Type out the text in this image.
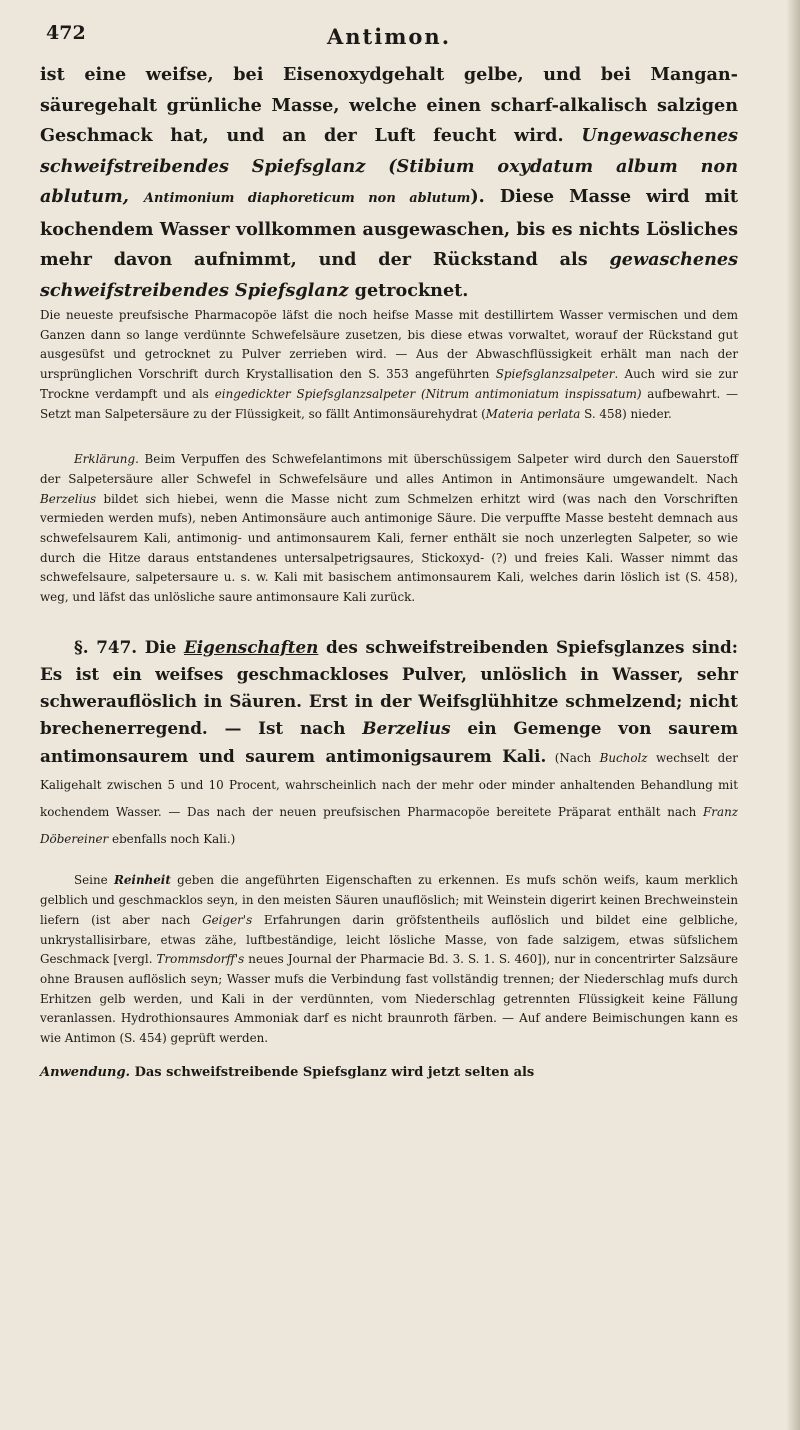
472	Antimon.

ist eine weifse, bei Eisenoxydgehalt gelbe, und bei Mangan-säuregehalt grünliche Masse, welche einen scharf-alkalisch salzigen Geschmack hat, und an der Luft feucht wird. Ungewaschenes schweifstreibendes Spiefsglanz (Stibium oxydatum album non ablutum, Antimonium diaphoreticum non ablutum). Diese Masse wird mit kochendem Wasser vollkommen ausgewaschen, bis es nichts Lösliches mehr davon aufnimmt, und der Rückstand als gewaschenes schweifstreibendes Spiefsglanz getrocknet.

Die neueste preufsische Pharmacopöe läfst die noch heifse Masse mit destillirtem Wasser vermischen und dem Ganzen dann so lange verdünnte Schwefelsäure zusetzen, bis diese etwas vorwaltet, worauf der Rückstand gut ausgesüfst und getrocknet zu Pulver zerrieben wird. — Aus der Abwaschflüssigkeit erhält man nach der ursprünglichen Vorschrift durch Krystallisation den S. 353 angeführten Spiefsglanzsalpeter. Auch wird sie zur Trockne verdampft und als eingedickter Spiefsglanzsalpeter (Nitrum antimoniatum inspissatum) aufbewahrt. — Setzt man Salpetersäure zu der Flüssigkeit, so fällt Antimonsäurehydrat (Materia perlata S. 458) nieder.

Erklärung. Beim Verpuffen des Schwefelantimons mit überschüssigem Salpeter wird durch den Sauerstoff der Salpetersäure aller Schwefel in Schwefelsäure und alles Antimon in Antimonsäure umgewandelt. Nach Berzelius bildet sich hiebei, wenn die Masse nicht zum Schmelzen erhitzt wird (was nach den Vorschriften vermieden werden mufs), neben Antimonsäure auch antimonige Säure. Die verpuffte Masse besteht demnach aus schwefelsaurem Kali, antimonig- und antimonsaurem Kali, ferner enthält sie noch unzerlegten Salpeter, so wie durch die Hitze daraus entstandenes untersalpetrigsaures, Stickoxyd- (?) und freies Kali. Wasser nimmt das schwefelsaure, salpetersaure u. s. w. Kali mit basischem antimonsaurem Kali, welches darin löslich ist (S. 458), weg, und läfst das unlösliche saure antimonsaure Kali zurück.

§. 747. Die Eigenschaften des schweifstreibenden Spiefsglanzes sind: Es ist ein weifses geschmackloses Pulver, unlöslich in Wasser, sehr schwerauflöslich in Säuren. Erst in der Weifsglühhitze schmelzend; nicht brechenerregend. — Ist nach Berzelius ein Gemenge von saurem antimonsaurem und saurem antimonigsaurem Kali. (Nach Bucholz wechselt der Kaligehalt zwischen 5 und 10 Procent, wahrscheinlich nach der mehr oder minder anhaltenden Behandlung mit kochendem Wasser. — Das nach der neuen preufsischen Pharmacopöe bereitete Präparat enthält nach Franz Döbereiner ebenfalls noch Kali.)

Seine Reinheit geben die angeführten Eigenschaften zu erkennen. Es mufs schön weifs, kaum merklich gelblich und geschmacklos seyn, in den meisten Säuren unauflöslich; mit Weinstein digerirt keinen Brechweinstein liefern (ist aber nach Geiger's Erfahrungen darin gröfstentheils auflöslich und bildet eine gelbliche, unkrystallisirbare, etwas zähe, luftbeständige, leicht lösliche Masse, von fade salzigem, etwas süfslichem Geschmack [vergl. Trommsdorff's neues Journal der Pharmacie Bd. 3. S. 1. S. 460]), nur in concentrirter Salzsäure ohne Brausen auflöslich seyn; Wasser mufs die Verbindung fast vollständig trennen; der Niederschlag mufs durch Erhitzen gelb werden, und Kali in der verdünnten, vom Niederschlag getrennten Flüssigkeit keine Fällung veranlassen. Hydrothionsaures Ammoniak darf es nicht braunroth färben. — Auf andere Beimischungen kann es wie Antimon (S. 454) geprüft werden.

Anwendung. Das schweifstreibende Spiefsglanz wird jetzt selten als
